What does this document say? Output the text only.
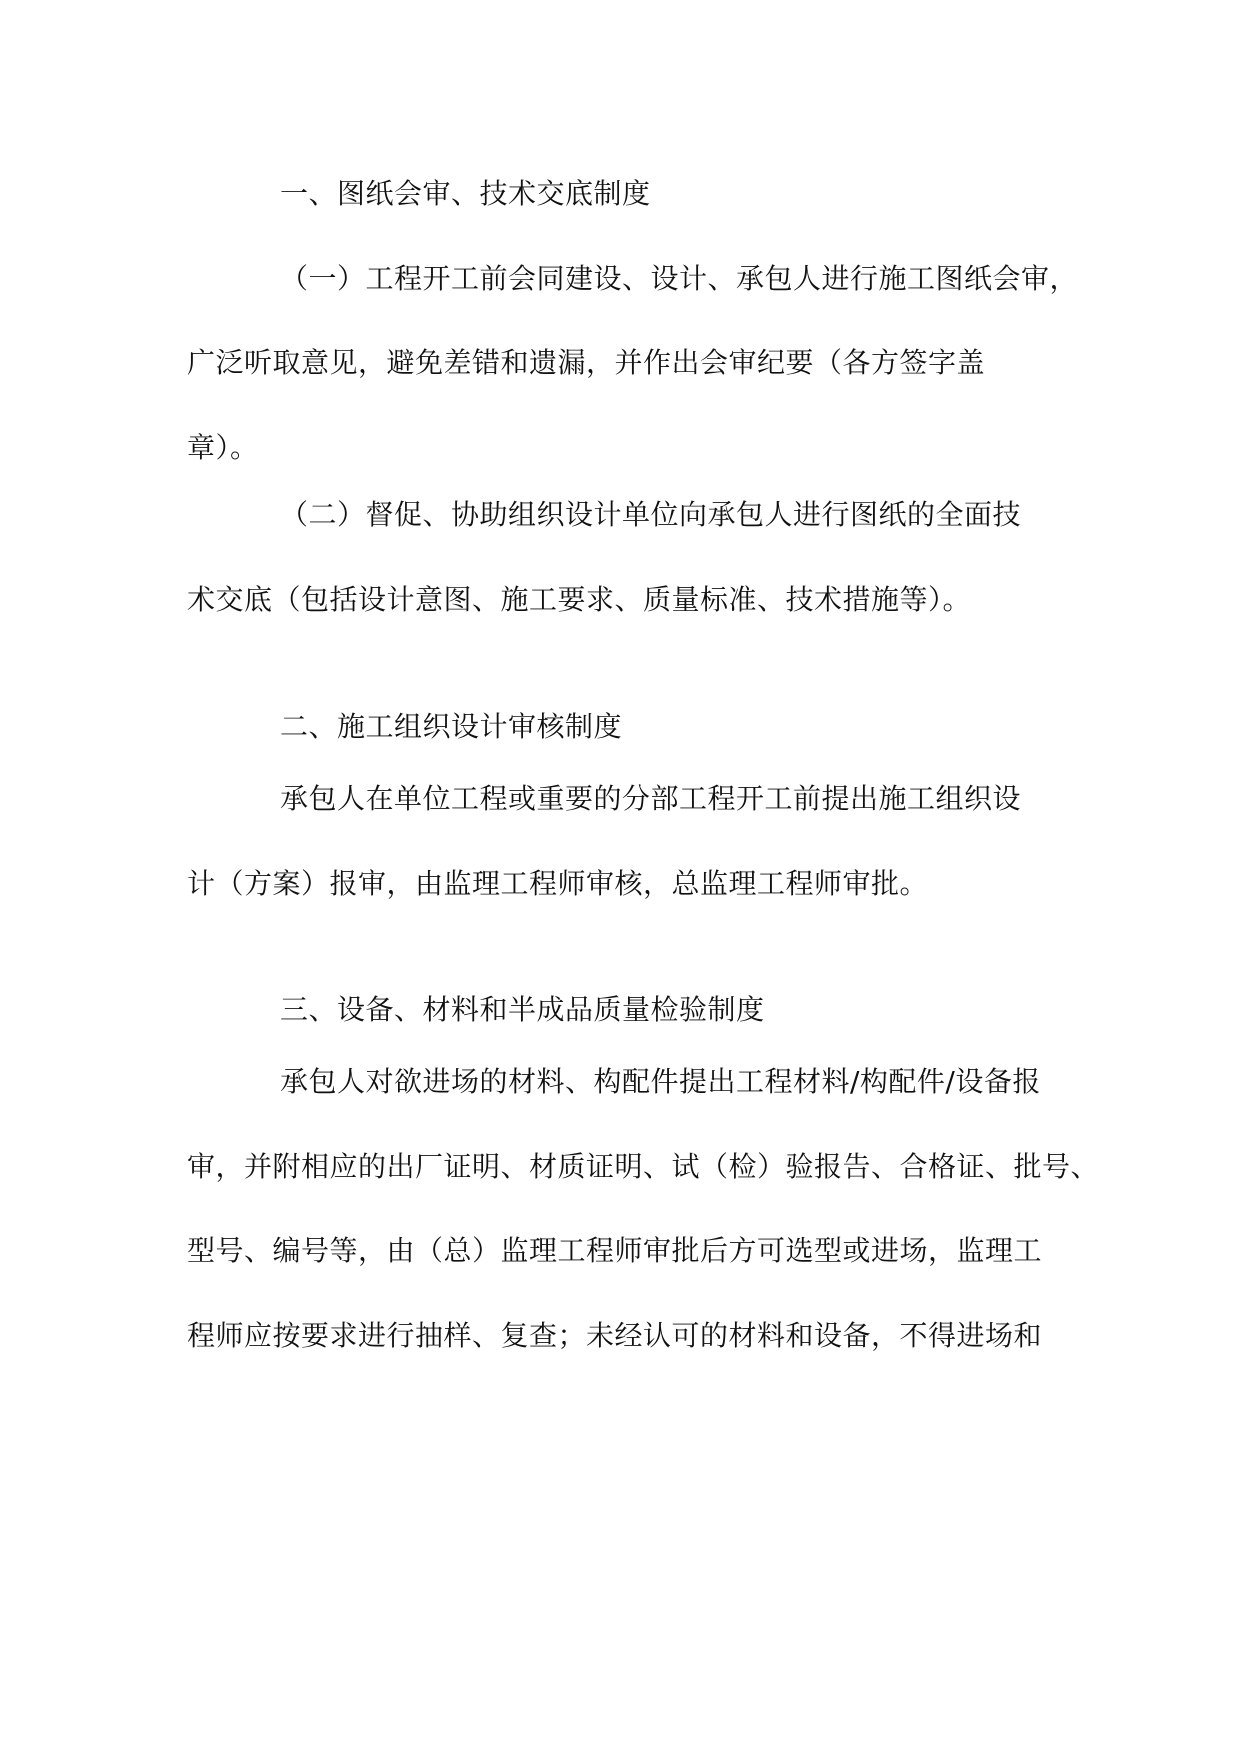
一、图纸会审、技术交底制度
（一）工程开工前会同建设、设计、承包人进行施工图纸会审，
广泛听取意见，避免差错和遗漏，并作出会审纪要（各方签字盖
章）。
（二）督促、协助组织设计单位向承包人进行图纸的全面技
术交底（包括设计意图、施工要求、质量标准、技术措施等）。
二、施工组织设计审核制度
承包人在单位工程或重要的分部工程开工前提出施工组织设
计（方案）报审，由监理工程师审核，总监理工程师审批。
三、设备、材料和半成品质量检验制度
承包人对欲进场的材料、构配件提出工程材料/构配件/设备报
审，并附相应的出厂证明、材质证明、试（检）验报告、合格证、批号、
型号、编号等，由（总）监理工程师审批后方可选型或进场，监理工
程师应按要求进行抽样、复查；未经认可的材料和设备，不得进场和
